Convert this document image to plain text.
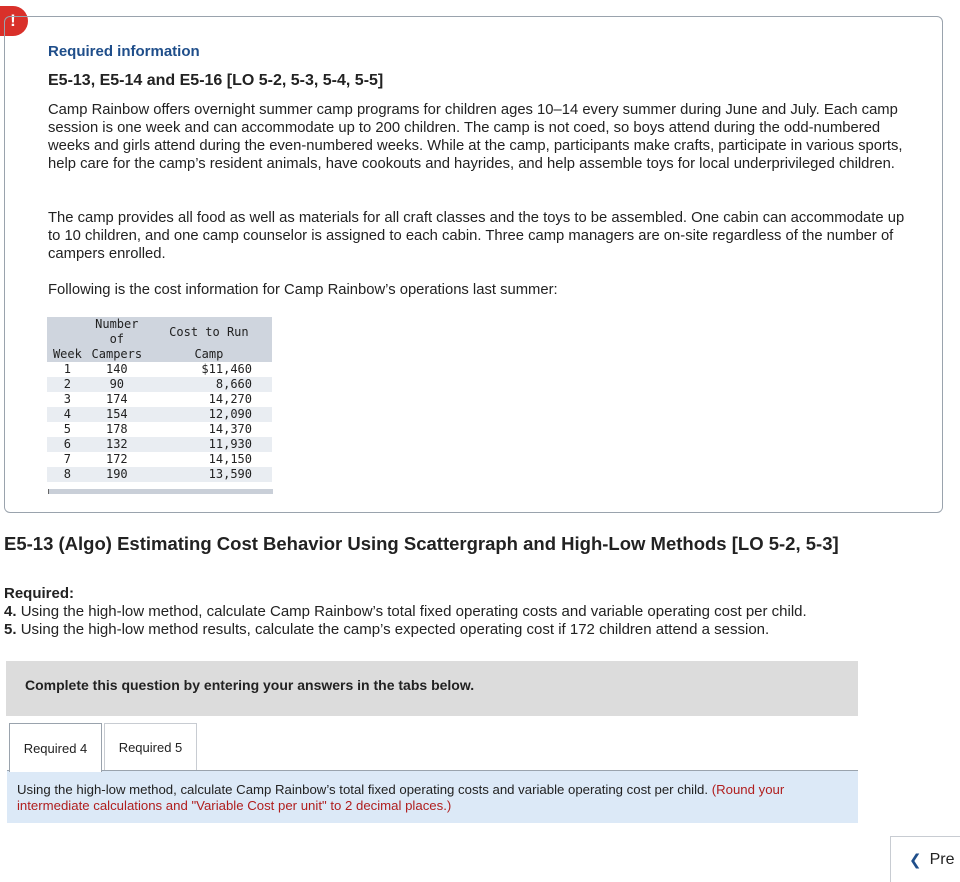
!
Required information
E5-13, E5-14 and E5-16 [LO 5-2, 5-3, 5-4, 5-5]

Camp Rainbow offers overnight summer camp programs for children ages 10–14 every summer during June and July. Each camp session is one week and can accommodate up to 200 children. The camp is not coed, so boys attend during the odd-numbered weeks and girls attend during the even-numbered weeks. While at the camp, participants make crafts, participate in various sports, help care for the camp’s resident animals, have cookouts and hayrides, and help assemble toys for local underprivileged children.

The camp provides all food as well as materials for all craft classes and the toys to be assembled. One cabin can accommodate up to 10 children, and one camp counselor is assigned to each cabin. Three camp managers are on-site regardless of the number of campers enrolled.

Following is the cost information for Camp Rainbow’s operations last summer:

	Number of	Cost to Run
Week	Campers	Camp
1	140	$11,460
2	90	8,660
3	174	14,270
4	154	12,090
5	178	14,370
6	132	11,930
7	172	14,150
8	190	13,590
E5-13 (Algo) Estimating Cost Behavior Using Scattergraph and High-Low Methods [LO 5-2, 5-3]
Required:
4. Using the high-low method, calculate Camp Rainbow’s total fixed operating costs and variable operating cost per child.
5. Using the high-low method results, calculate the camp’s expected operating cost if 172 children attend a session.
Complete this question by entering your answers in the tabs below.
Required 4	Required 5

Using the high-low method, calculate Camp Rainbow’s total fixed operating costs and variable operating cost per child. (Round your intermediate calculations and "Variable Cost per unit" to 2 decimal places.)

❮ Pre
